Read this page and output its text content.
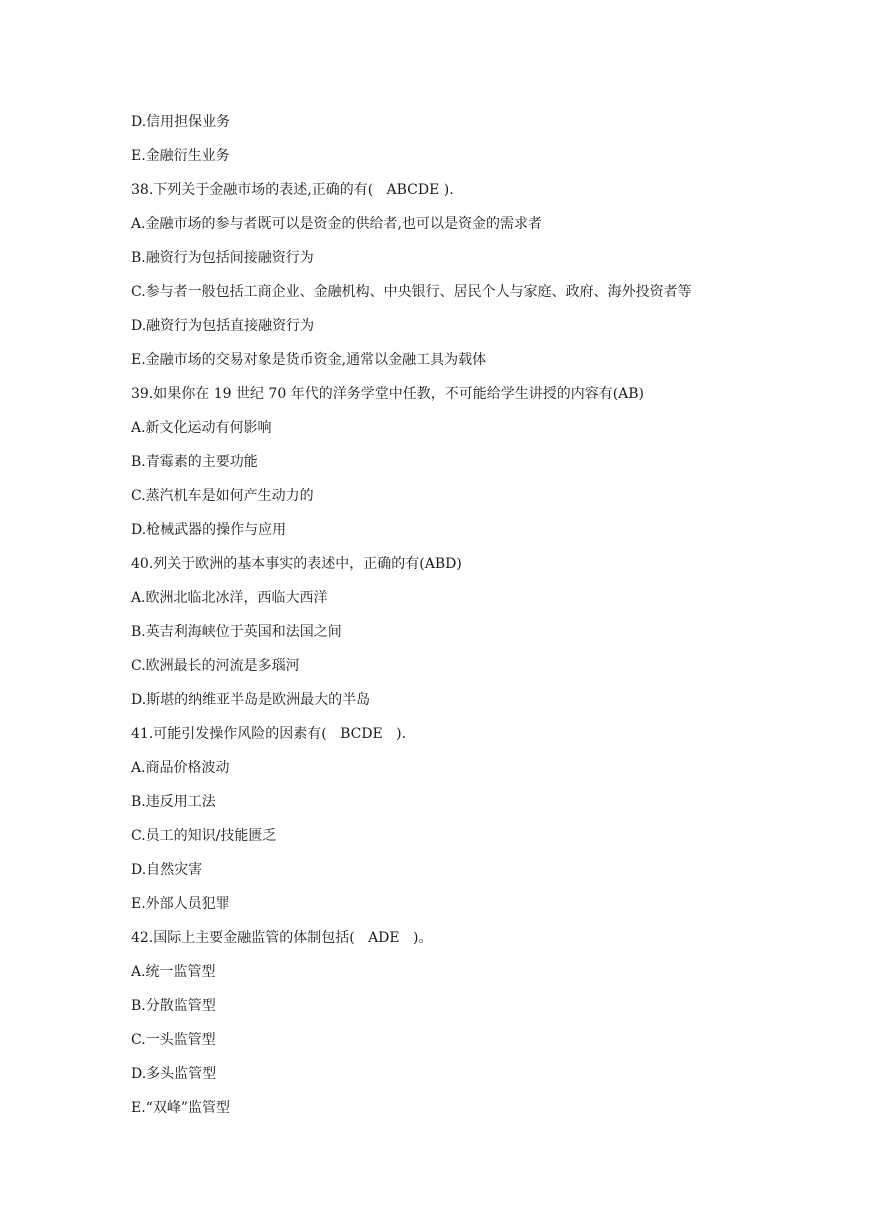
D.信用担保业务
E.金融衍生业务
38.下列关于金融市场的表述,正确的有(   ABCDE ).
A.金融市场的参与者既可以是资金的供给者,也可以是资金的需求者
B.融资行为包括间接融资行为
C.参与者一般包括工商企业、金融机构、中央银行、居民个人与家庭、政府、海外投资者等
D.融资行为包括直接融资行为
E.金融市场的交易对象是货币资金,通常以金融工具为载体
39.如果你在 19 世纪 70 年代的洋务学堂中任教，不可能给学生讲授的内容有(AB)
A.新文化运动有何影响
B.青霉素的主要功能
C.蒸汽机车是如何产生动力的
D.枪械武器的操作与应用
40.列关于欧洲的基本事实的表述中，正确的有(ABD)
A.欧洲北临北冰洋，西临大西洋
B.英吉利海峡位于英国和法国之间
C.欧洲最长的河流是多瑙河
D.斯堪的纳维亚半岛是欧洲最大的半岛
41.可能引发操作风险的因素有(   BCDE   ).
A.商品价格波动
B.违反用工法
C.员工的知识/技能匮乏
D.自然灾害
E.外部人员犯罪
42.国际上主要金融监管的体制包括(   ADE   )。
A.统一监管型
B.分散监管型
C.一头监管型
D.多头监管型
E.“双峰”监管型
